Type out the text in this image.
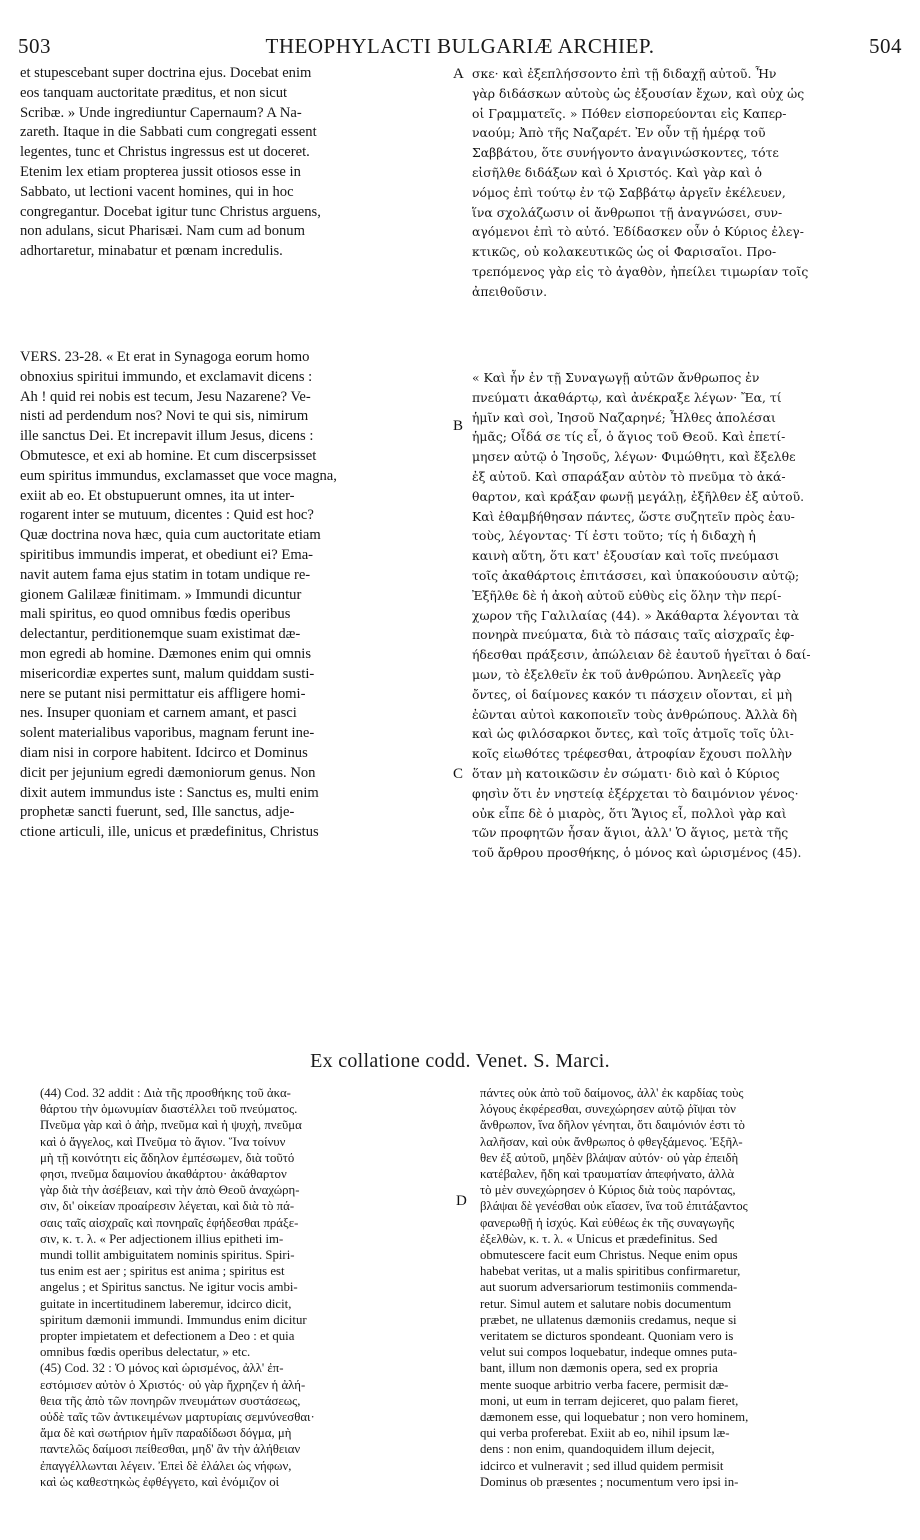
503	THEOPHYLACTI BULGARIÆ ARCHIEP.	504
et stupescebant super doctrina ejus. Docebat enim
eos tanquam auctoritate præditus, et non sicut
Scribæ. » Unde ingrediuntur Capernaum? A Na-
zareth. Itaque in die Sabbati cum congregati essent
legentes, tunc et Christus ingressus est ut doceret.
Etenim lex etiam propterea jussit otiosos esse in
Sabbato, ut lectioni vacent homines, qui in hoc
congregantur. Docebat igitur tunc Christus arguens,
non adulans, sicut Pharisæi. Nam cum ad bonum
adhortaretur, minabatur et pœnam incredulis.
σκε· καὶ ἐξεπλήσσοντο ἐπὶ τῇ διδαχῇ αὐτοῦ. Ἦν
γὰρ διδάσκων αὐτοὺς ὡς ἐξουσίαν ἔχων, καὶ οὐχ ὡς
οἱ Γραμματεῖς. » Πόθεν εἰσπορεύονται εἰς Καπερ-
ναούμ; Ἀπὸ τῆς Ναζαρέτ. Ἐν οὖν τῇ ἡμέρᾳ τοῦ
Σαββάτου, ὅτε συνήγοντο ἀναγινώσκοντες, τότε
εἰσῆλθε διδάξων καὶ ὁ Χριστός. Καὶ γὰρ καὶ ὁ
νόμος ἐπὶ τούτῳ ἐν τῷ Σαββάτῳ ἀργεῖν ἐκέλευεν,
ἵνα σχολάζωσιν οἱ ἄνθρωποι τῇ ἀναγνώσει, συν-
αγόμενοι ἐπὶ τὸ αὐτό. Ἐδίδασκεν οὖν ὁ Κύριος ἐλεγ-
κτικῶς, οὐ κολακευτικῶς ὡς οἱ Φαρισαῖοι. Προ-
τρεπόμενος γὰρ εἰς τὸ ἀγαθὸν, ἠπείλει τιμωρίαν τοῖς
ἀπειθοῦσιν.
VERS. 23-28. « Et erat in Synagoga eorum homo
obnoxius spiritui immundo, et exclamavit dicens :
Ah ! quid rei nobis est tecum, Jesu Nazarene? Ve-
nisti ad perdendum nos? Novi te qui sis, nimirum
ille sanctus Dei. Et increpavit illum Jesus, dicens :
Obmutesce, et exi ab homine. Et cum discerpsisset
eum spiritus immundus, exclamasset que voce magna,
exiit ab eo. Et obstupuerunt omnes, ita ut inter-
rogarent inter se mutuum, dicentes : Quid est hoc?
Quæ doctrina nova hæc, quia cum auctoritate etiam
spiritibus immundis imperat, et obediunt ei? Ema-
navit autem fama ejus statim in totam undique re-
gionem Galilææ finitimam. » Immundi dicuntur
mali spiritus, eo quod omnibus fœdis operibus
delectantur, perditionemque suam existimat dæ-
mon egredi ab homine. Dæmones enim qui omnis
misericordiæ expertes sunt, malum quiddam susti-
nere se putant nisi permittatur eis affligere homi-
nes. Insuper quoniam et carnem amant, et pasci
solent materialibus vaporibus, magnam ferunt ine-
diam nisi in corpore habitent. Idcirco et Dominus
dicit per jejunium egredi dæmoniorum genus. Non
dixit autem immundus iste : Sanctus es, multi enim
prophetæ sancti fuerunt, sed, Ille sanctus, adje-
ctione articuli, ille, unicus et prædefinitus, Christus
« Καὶ ἦν ἐν τῇ Συναγωγῇ αὐτῶν ἄνθρωπος ἐν
πνεύματι ἀκαθάρτῳ, καὶ ἀνέκραξε λέγων· Ἔα, τί
ἡμῖν καὶ σοὶ, Ἰησοῦ Ναζαρηνέ; Ἦλθες ἀπολέσαι
ἡμᾶς; Οἶδά σε τίς εἶ, ὁ ἅγιος τοῦ Θεοῦ. Καὶ ἐπετί-
μησεν αὐτῷ ὁ Ἰησοῦς, λέγων· Φιμώθητι, καὶ ἔξελθε
ἐξ αὐτοῦ. Καὶ σπαράξαν αὐτὸν τὸ πνεῦμα τὸ ἀκά-
θαρτον, καὶ κράξαν φωνῇ μεγάλῃ, ἐξῆλθεν ἐξ αὐτοῦ.
Καὶ ἐθαμβήθησαν πάντες, ὥστε συζητεῖν πρὸς ἑαυ-
τοὺς, λέγοντας· Τί ἐστι τοῦτο; τίς ἡ διδαχὴ ἡ
καινὴ αὕτη, ὅτι κατ' ἐξουσίαν καὶ τοῖς πνεύμασι
τοῖς ἀκαθάρτοις ἐπιτάσσει, καὶ ὑπακούουσιν αὐτῷ;
Ἐξῆλθε δὲ ἡ ἀκοὴ αὐτοῦ εὐθὺς εἰς ὅλην τὴν περί-
χωρον τῆς Γαλιλαίας (44). » Ἀκάθαρτα λέγονται τὰ
πονηρὰ πνεύματα, διὰ τὸ πάσαις ταῖς αἰσχραῖς ἐφ-
ήδεσθαι πράξεσιν, ἀπώλειαν δὲ ἑαυτοῦ ἡγεῖται ὁ δαί-
μων, τὸ ἐξελθεῖν ἐκ τοῦ ἀνθρώπου. Ἀνηλεεῖς γὰρ
ὄντες, οἱ δαίμονες κακόν τι πάσχειν οἴονται, εἰ μὴ
ἐῶνται αὐτοὶ κακοποιεῖν τοὺς ἀνθρώπους. Ἀλλὰ δὴ
καὶ ὡς φιλόσαρκοι ὄντες, καὶ τοῖς ἀτμοῖς τοῖς ὑλι-
κοῖς εἰωθότες τρέφεσθαι, ἀτροφίαν ἔχουσι πολλὴν
ὅταν μὴ κατοικῶσιν ἐν σώματι· διὸ καὶ ὁ Κύριος
φησὶν ὅτι ἐν νηστείᾳ ἐξέρχεται τὸ δαιμόνιον γένος·
οὐκ εἶπε δὲ ὁ μιαρὸς, ὅτι Ἅγιος εἶ, πολλοὶ γὰρ καὶ
τῶν προφητῶν ἦσαν ἅγιοι, ἀλλ' Ὁ ἅγιος, μετὰ τῆς
τοῦ ἄρθρου προσθήκης, ὁ μόνος καὶ ὡρισμένος (45).
A
B
C
D
Ex collatione codd. Venet. S. Marci.
(44) Cod. 32 addit : Διὰ τῆς προσθήκης τοῦ ἀκα-
θάρτου τὴν ὁμωνυμίαν διαστέλλει τοῦ πνεύματος.
Πνεῦμα γὰρ καὶ ὁ ἀὴρ, πνεῦμα καὶ ἡ ψυχὴ, πνεῦμα
καὶ ὁ ἄγγελος, καὶ Πνεῦμα τὸ ἅγιον. Ἵνα τοίνυν
μὴ τῇ κοινότητι εἰς ἄδηλον ἐμπέσωμεν, διὰ τοῦτό
φησι, πνεῦμα δαιμονίου ἀκαθάρτου· ἀκάθαρτον
γὰρ διὰ τὴν ἀσέβειαν, καὶ τὴν ἀπὸ Θεοῦ ἀναχώρη-
σιν, δι' οἰκείαν προαίρεσιν λέγεται, καὶ διὰ τὸ πά-
σαις ταῖς αἰσχραῖς καὶ πονηραῖς ἐφήδεσθαι πράξε-
σιν, κ. τ. λ. « Per adjectionem illius epitheti im-
mundi tollit ambiguitatem nominis spiritus. Spiri-
tus enim est aer ; spiritus est anima ; spiritus est
angelus ; et Spiritus sanctus. Ne igitur vocis ambi-
guitate in incertitudinem laberemur, idcirco dicit,
spiritum dæmonii immundi. Immundus enim dicitur
propter impietatem et defectionem a Deo : et quia
omnibus fœdis operibus delectatur, » etc.
(45) Cod. 32 : Ὁ μόνος καὶ ὡρισμένος, ἀλλ' ἐπ-
εστόμισεν αὐτὸν ὁ Χριστός· οὐ γὰρ ἤχρηζεν ἡ ἀλή-
θεια τῆς ἀπὸ τῶν πονηρῶν πνευμάτων συστάσεως,
οὐδὲ ταῖς τῶν ἀντικειμένων μαρτυρίαις σεμνύνεσθαι·
ἅμα δὲ καὶ σωτήριον ἡμῖν παραδίδωσι δόγμα, μὴ
παντελῶς δαίμοσι πείθεσθαι, μηδ' ἂν τὴν ἀλήθειαν
ἐπαγγέλλωνται λέγειν. Ἐπεὶ δὲ ἐλάλει ὡς νήφων,
καὶ ὡς καθεστηκὼς ἐφθέγγετο, καὶ ἐνόμιζον οἱ
πάντες οὐκ ἀπὸ τοῦ δαίμονος, ἀλλ' ἐκ καρδίας τοὺς
λόγους ἐκφέρεσθαι, συνεχώρησεν αὐτῷ ῥῖψαι τὸν
ἄνθρωπον, ἵνα δῆλον γένηται, ὅτι δαιμόνιόν ἐστι τὸ
λαλῆσαν, καὶ οὐκ ἄνθρωπος ὁ φθεγξάμενος. Ἐξῆλ-
θεν ἐξ αὐτοῦ, μηδὲν βλάψαν αὐτόν· οὐ γὰρ ἐπειδὴ
κατέβαλεν, ἤδη καὶ τραυματίαν ἀπεφήνατο, ἀλλὰ
τὸ μὲν συνεχώρησεν ὁ Κύριος διὰ τοὺς παρόντας,
βλάψαι δὲ γενέσθαι οὐκ εἴασεν, ἵνα τοῦ ἐπιτάξαντος
φανερωθῇ ἡ ἰσχύς. Καὶ εὐθέως ἐκ τῆς συναγωγῆς
ἐξελθὼν, κ. τ. λ. « Unicus et prædefinitus. Sed
obmutescere facit eum Christus. Neque enim opus
habebat veritas, ut a malis spiritibus confirmaretur,
aut suorum adversariorum testimoniis commenda-
retur. Simul autem et salutare nobis documentum
præbet, ne ullatenus dæmoniis credamus, neque si
veritatem se dicturos spondeant. Quoniam vero is
velut sui compos loquebatur, indeque omnes puta-
bant, illum non dæmonis opera, sed ex propria
mente suoque arbitrio verba facere, permisit dæ-
moni, ut eum in terram dejiceret, quo palam fieret,
dæmonem esse, qui loquebatur ; non vero hominem,
qui verba proferebat. Exiit ab eo, nihil ipsum læ-
dens : non enim, quandoquidem illum dejecit,
idcirco et vulneravit ; sed illud quidem permisit
Dominus ob præsentes ; nocumentum vero ipsi in-
